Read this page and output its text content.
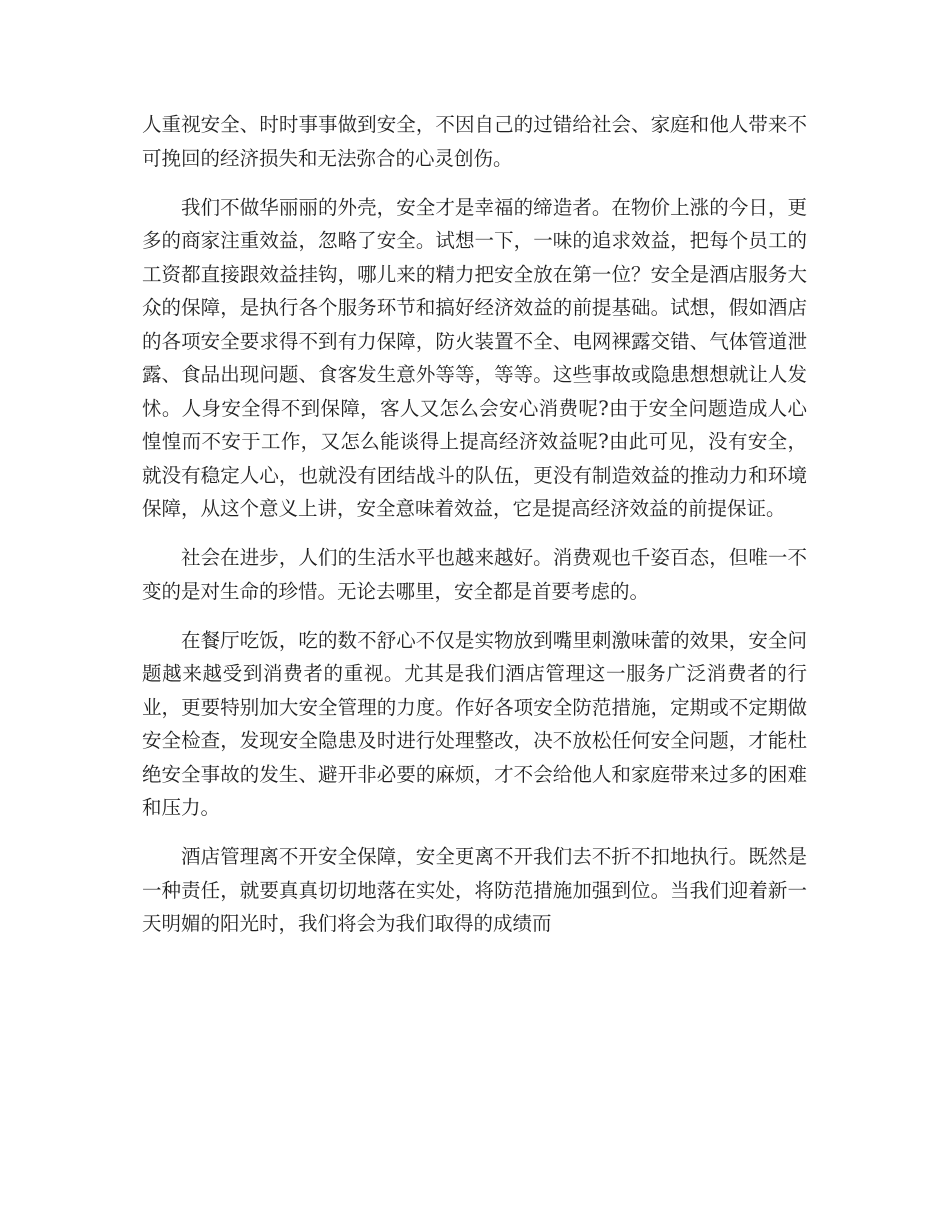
人重视安全、时时事事做到安全，不因自己的过错给社会、家庭和他人带来不可挽回的经济损失和无法弥合的心灵创伤。

我们不做华丽丽的外壳，安全才是幸福的缔造者。在物价上涨的今日，更多的商家注重效益，忽略了安全。试想一下，一味的追求效益，把每个员工的工资都直接跟效益挂钩，哪儿来的精力把安全放在第一位？安全是酒店服务大众的保障，是执行各个服务环节和搞好经济效益的前提基础。试想，假如酒店的各项安全要求得不到有力保障，防火装置不全、电网裸露交错、气体管道泄露、食品出现问题、食客发生意外等等，等等。这些事故或隐患想想就让人发怵。人身安全得不到保障，客人又怎么会安心消费呢?由于安全问题造成人心惶惶而不安于工作，又怎么能谈得上提高经济效益呢?由此可见，没有安全，就没有稳定人心，也就没有团结战斗的队伍，更没有制造效益的推动力和环境保障，从这个意义上讲，安全意味着效益，它是提高经济效益的前提保证。

社会在进步，人们的生活水平也越来越好。消费观也千姿百态，但唯一不变的是对生命的珍惜。无论去哪里，安全都是首要考虑的。

在餐厅吃饭，吃的数不舒心不仅是实物放到嘴里刺激味蕾的效果，安全问题越来越受到消费者的重视。尤其是我们酒店管理这一服务广泛消费者的行业，更要特别加大安全管理的力度。作好各项安全防范措施，定期或不定期做安全检查，发现安全隐患及时进行处理整改，决不放松任何安全问题，才能杜绝安全事故的发生、避开非必要的麻烦，才不会给他人和家庭带来过多的困难和压力。

酒店管理离不开安全保障，安全更离不开我们去不折不扣地执行。既然是一种责任，就要真真切切地落在实处，将防范措施加强到位。当我们迎着新一天明媚的阳光时，我们将会为我们取得的成绩而
